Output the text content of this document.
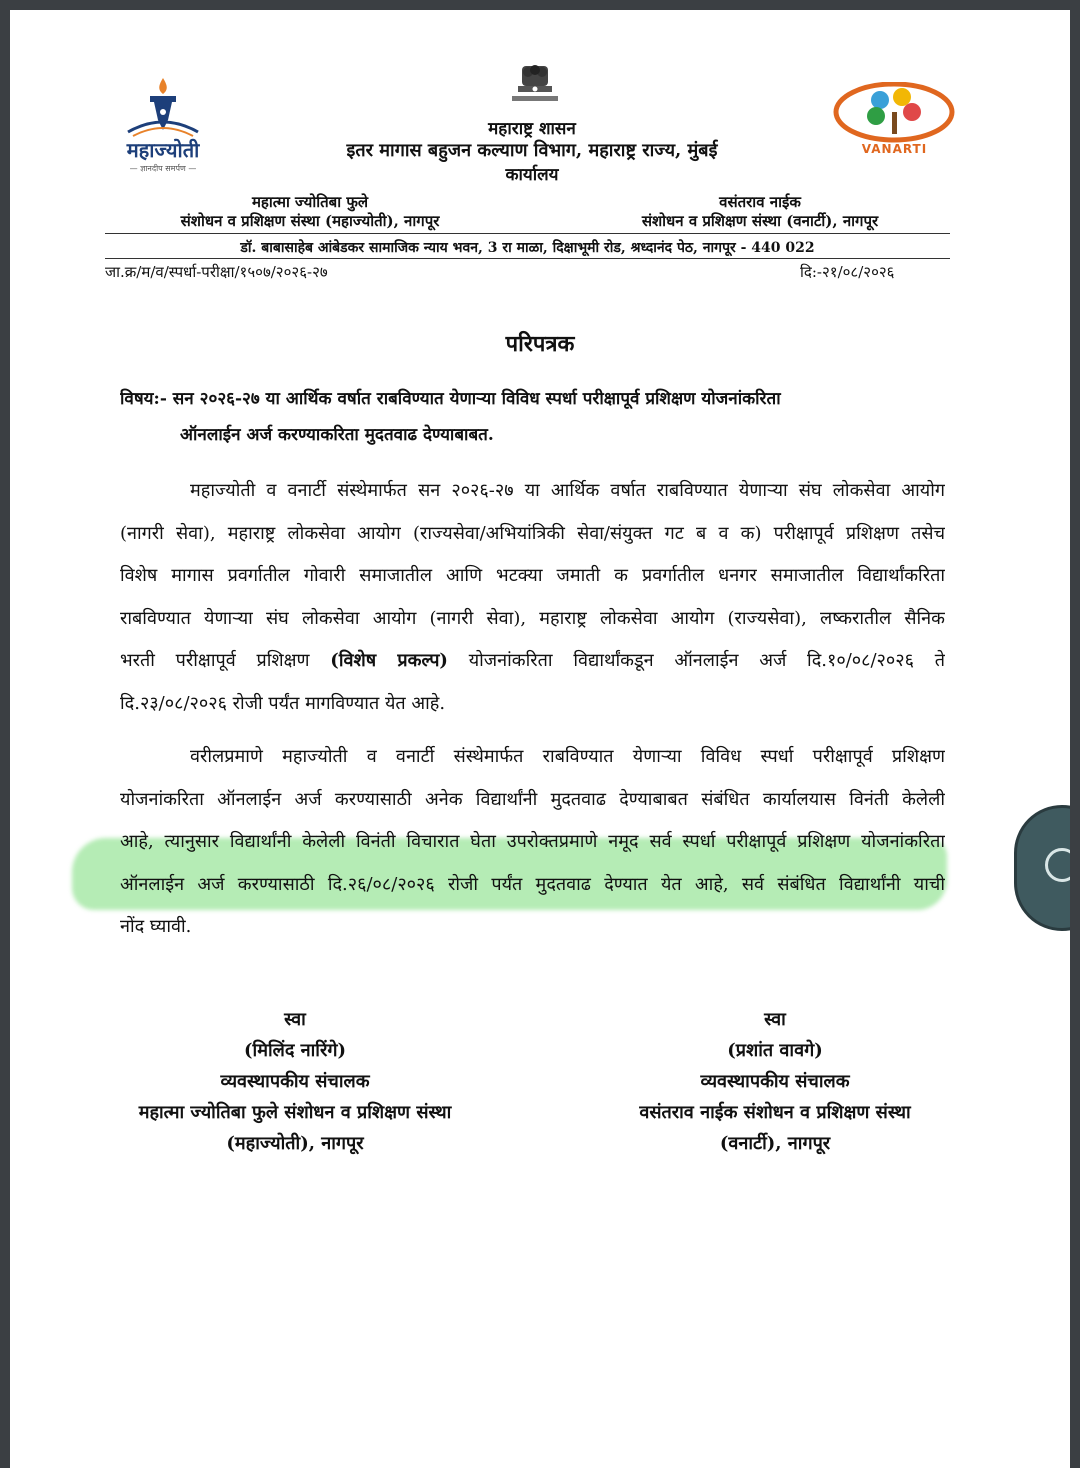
महाज्योती
— ज्ञानदीप समर्पण —
VANARTI
महाराष्ट्र शासन
इतर मागास बहुजन कल्याण विभाग, महाराष्ट्र राज्य, मुंबई
कार्यालय
महात्मा ज्योतिबा फुले
संशोधन व प्रशिक्षण संस्था (महाज्योती), नागपूर
वसंतराव नाईक
संशोधन व प्रशिक्षण संस्था (वनार्टी), नागपूर
डॉ. बाबासाहेब आंबेडकर सामाजिक न्याय भवन, 3 रा माळा, दिक्षाभूमी रोड, श्रध्दानंद पेठ, नागपूर - 440 022
जा.क्र/म/व/स्पर्धा-परीक्षा/१५०७/२०२६-२७	दि:-२१/०८/२०२६
परिपत्रक
विषय:- सन २०२६-२७ या आर्थिक वर्षात राबविण्यात येणाऱ्या विविध स्पर्धा परीक्षापूर्व प्रशिक्षण योजनांकरिता
ऑनलाईन अर्ज करण्याकरिता मुदतवाढ देण्याबाबत.
महाज्योती व वनार्टी संस्थेमार्फत सन २०२६-२७ या आर्थिक वर्षात राबविण्यात येणाऱ्या संघ लोकसेवा आयोग
(नागरी सेवा), महाराष्ट्र लोकसेवा आयोग (राज्यसेवा/अभियांत्रिकी सेवा/संयुक्त गट ब व क) परीक्षापूर्व प्रशिक्षण तसेच
विशेष मागास प्रवर्गातील गोवारी समाजातील आणि भटक्या जमाती क प्रवर्गातील धनगर समाजातील विद्यार्थांकरिता
राबविण्यात येणाऱ्या संघ लोकसेवा आयोग (नागरी सेवा), महाराष्ट्र लोकसेवा आयोग (राज्यसेवा), लष्करातील सैनिक
भरती परीक्षापूर्व प्रशिक्षण (विशेष प्रकल्प) योजनांकरिता विद्यार्थांकडून ऑनलाईन अर्ज दि.१०/०८/२०२६ ते
दि.२३/०८/२०२६ रोजी पर्यंत मागविण्यात येत आहे.
वरीलप्रमाणे महाज्योती व वनार्टी संस्थेमार्फत राबविण्यात येणाऱ्या विविध स्पर्धा परीक्षापूर्व प्रशिक्षण
योजनांकरिता ऑनलाईन अर्ज करण्यासाठी अनेक विद्यार्थांनी मुदतवाढ देण्याबाबत संबंधित कार्यालयास विनंती केलेली
आहे, त्यानुसार विद्यार्थांनी केलेली विनंती विचारात घेता उपरोक्तप्रमाणे नमूद सर्व स्पर्धा परीक्षापूर्व प्रशिक्षण योजनांकरिता
ऑनलाईन अर्ज करण्यासाठी दि.२६/०८/२०२६ रोजी पर्यंत मुदतवाढ देण्यात येत आहे, सर्व संबंधित विद्यार्थांनी याची
नोंद घ्यावी.
स्वा
(मिलिंद नारिंगे)
व्यवस्थापकीय संचालक
महात्मा ज्योतिबा फुले संशोधन व प्रशिक्षण संस्था
(महाज्योती), नागपूर
स्वा
(प्रशांत वावगे)
व्यवस्थापकीय संचालक
वसंतराव नाईक संशोधन व प्रशिक्षण संस्था
(वनार्टी), नागपूर
